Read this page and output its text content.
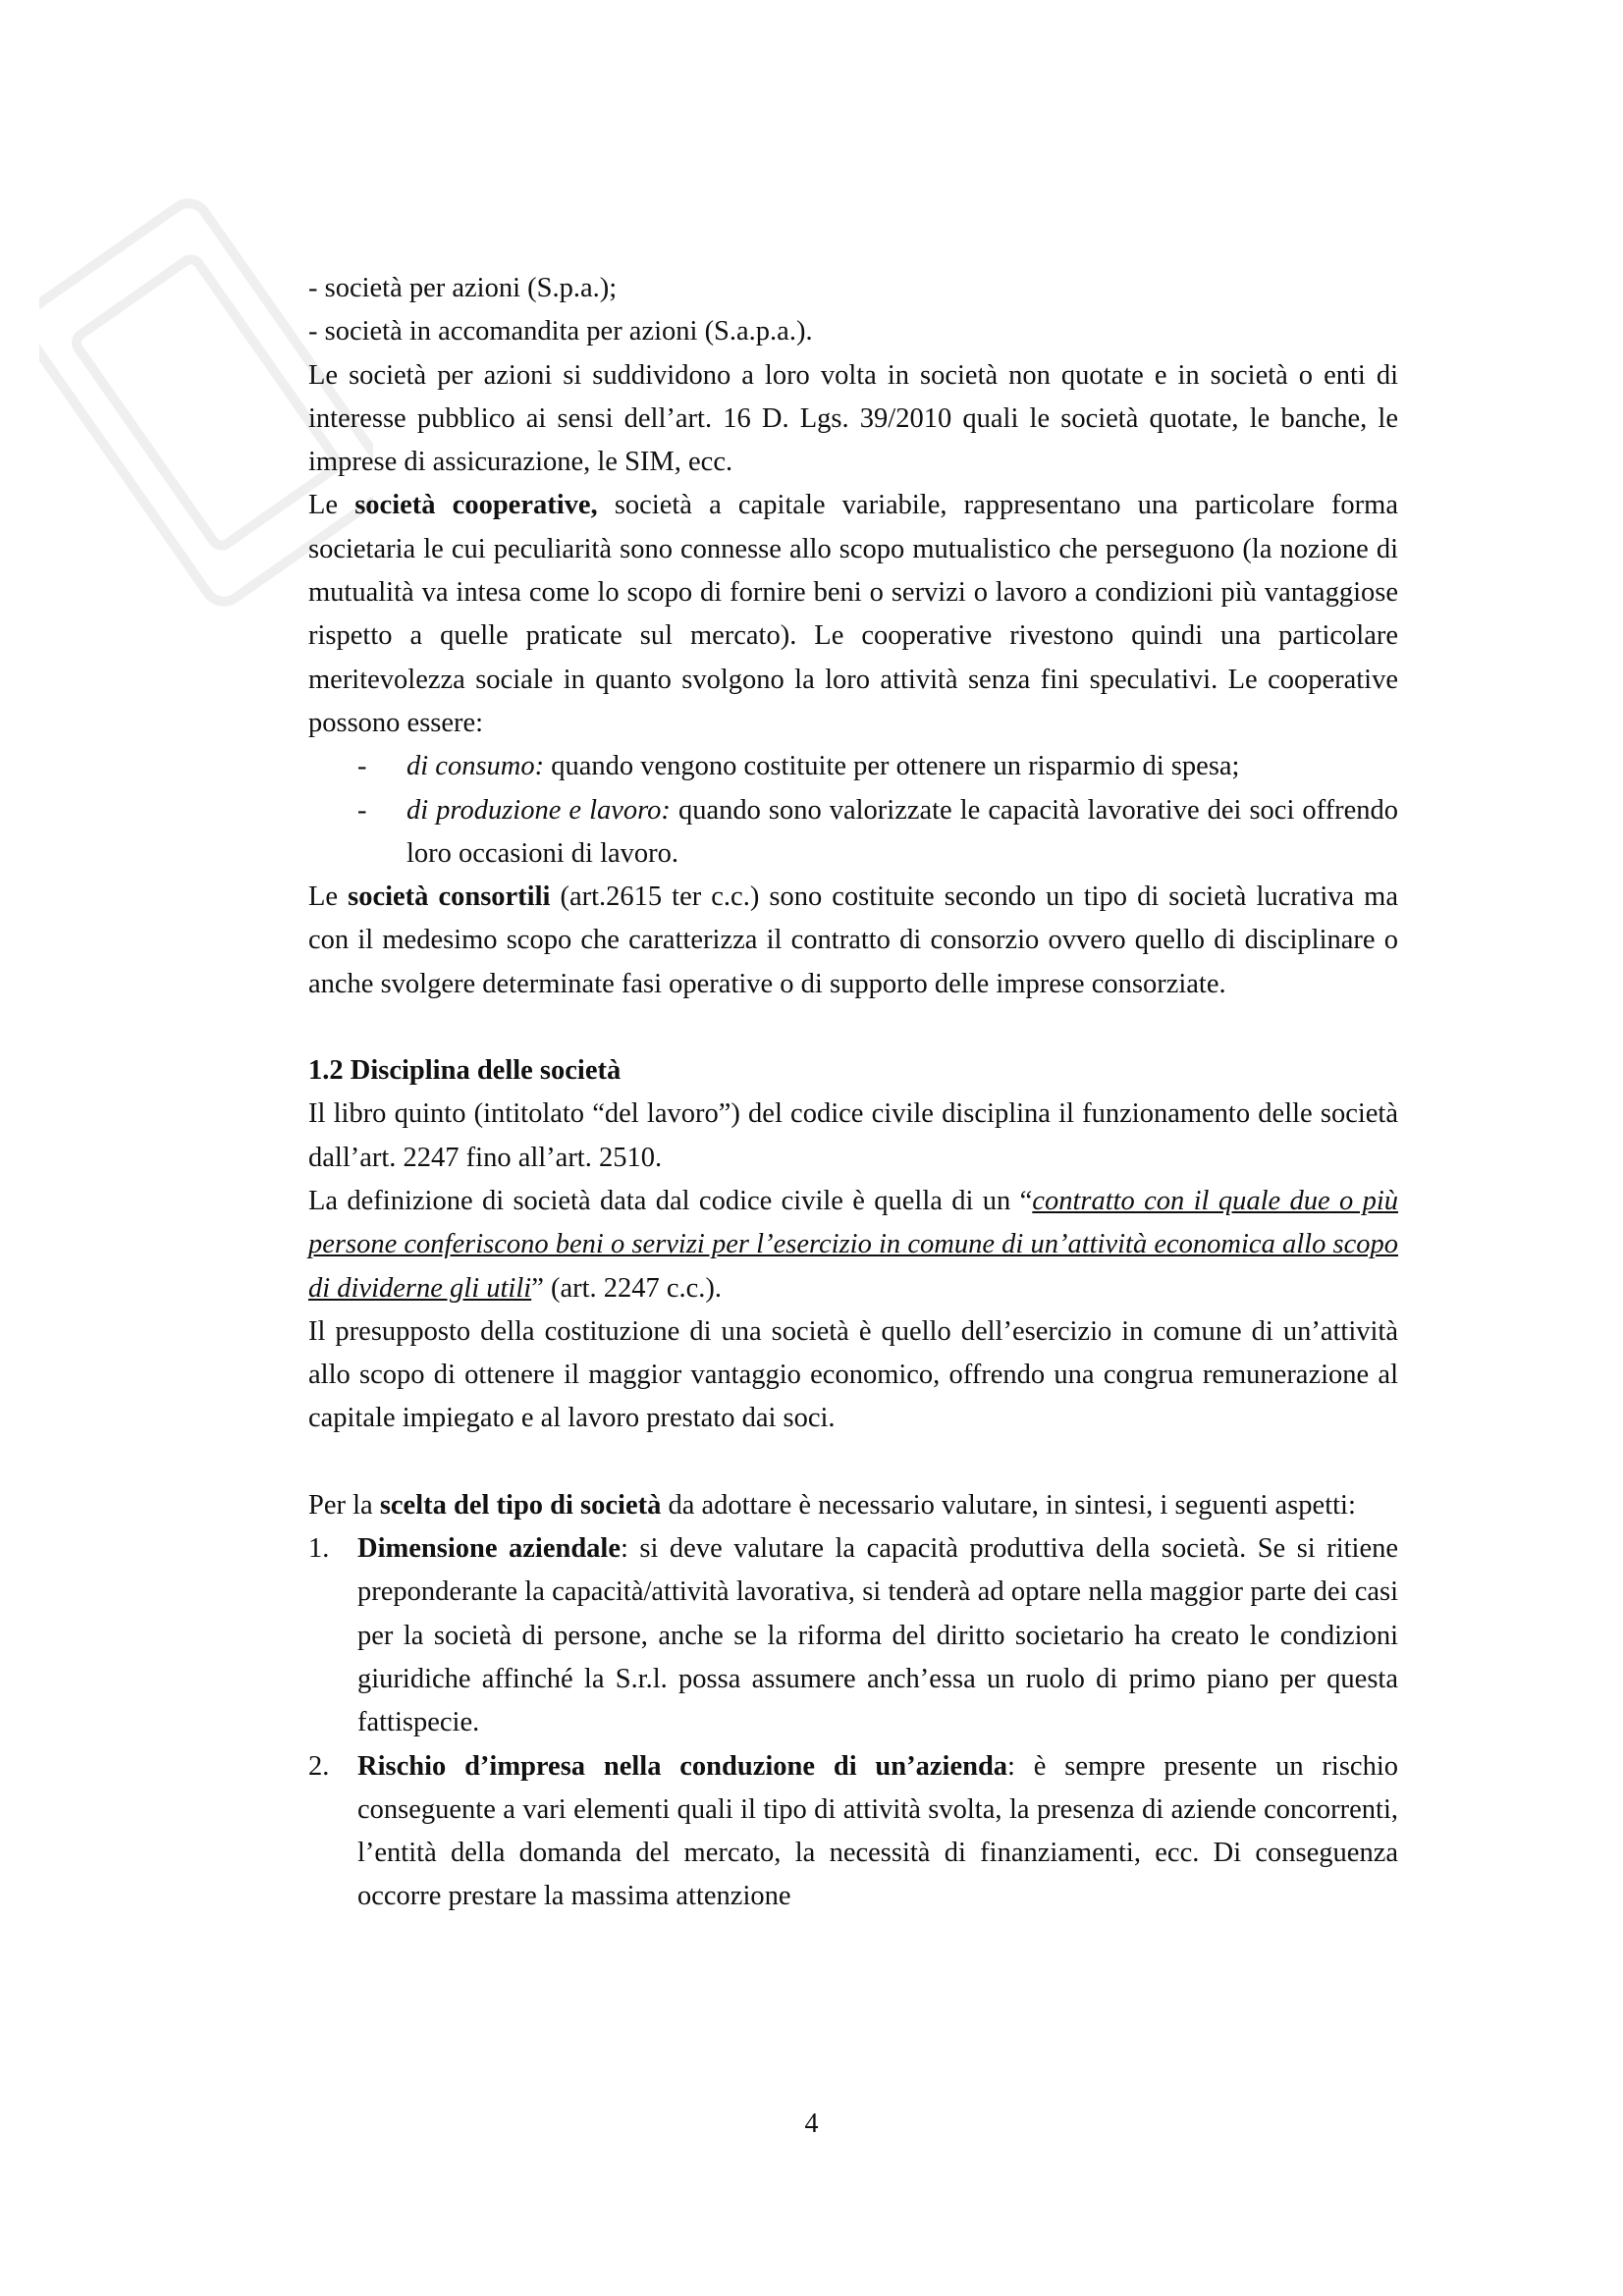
- società per azioni (S.p.a.);

- società in accomandita per azioni (S.a.p.a.).

Le società per azioni si suddividono a loro volta in società non quotate e in società o enti di interesse pubblico ai sensi dell’art. 16 D. Lgs. 39/2010 quali le società quotate, le banche, le imprese di assicurazione, le SIM, ecc.

Le società cooperative, società a capitale variabile, rappresentano una particolare forma societaria le cui peculiarità sono connesse allo scopo mutualistico che perseguono (la nozione di mutualità va intesa come lo scopo di fornire beni o servizi o lavoro a condizioni più vantaggiose rispetto a quelle praticate sul mercato). Le cooperative rivestono quindi una particolare meritevolezza sociale in quanto svolgono la loro attività senza fini speculativi. Le cooperative possono essere:

- di consumo: quando vengono costituite per ottenere un risparmio di spesa;
- di produzione e lavoro: quando sono valorizzate le capacità lavorative dei soci offrendo loro occasioni di lavoro.

Le società consortili (art.2615 ter c.c.) sono costituite secondo un tipo di società lucrativa ma con il medesimo scopo che caratterizza il contratto di consorzio ovvero quello di disciplinare o anche svolgere determinate fasi operative o di supporto delle imprese consorziate.

1.2 Disciplina delle società

Il libro quinto (intitolato “del lavoro”) del codice civile disciplina il funzionamento delle società dall’art. 2247 fino all’art. 2510.

La definizione di società data dal codice civile è quella di un “contratto con il quale due o più persone conferiscono beni o servizi per l’esercizio in comune di un’attività economica allo scopo di dividerne gli utili” (art. 2247 c.c.).

Il presupposto della costituzione di una società è quello dell’esercizio in comune di un’attività allo scopo di ottenere il maggior vantaggio economico, offrendo una congrua remunerazione al capitale impiegato e al lavoro prestato dai soci.

Per la scelta del tipo di società da adottare è necessario valutare, in sintesi, i seguenti aspetti:

1. Dimensione aziendale: si deve valutare la capacità produttiva della società. Se si ritiene preponderante la capacità/attività lavorativa, si tenderà ad optare nella maggior parte dei casi per la società di persone, anche se la riforma del diritto societario ha creato le condizioni giuridiche affinché la S.r.l. possa assumere anch’essa un ruolo di primo piano per questa fattispecie.
2. Rischio d’impresa nella conduzione di un’azienda: è sempre presente un rischio conseguente a vari elementi quali il tipo di attività svolta, la presenza di aziende concorrenti, l’entità della domanda del mercato, la necessità di finanziamenti, ecc. Di conseguenza occorre prestare la massima attenzione
4
